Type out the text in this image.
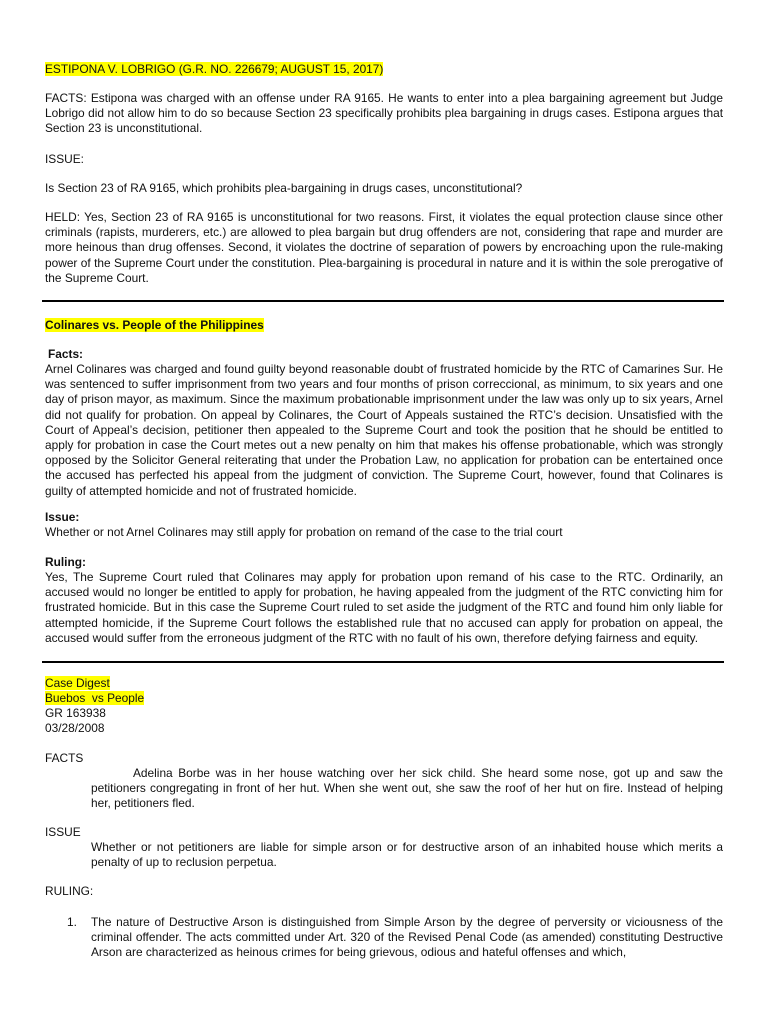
ESTIPONA V. LOBRIGO (G.R. NO. 226679; AUGUST 15, 2017)

FACTS: Estipona was charged with an offense under RA 9165. He wants to enter into a plea bargaining agreement but Judge Lobrigo did not allow him to do so because Section 23 specifically prohibits plea bargaining in drugs cases. Estipona argues that Section 23 is unconstitutional.

ISSUE:

Is Section 23 of RA 9165, which prohibits plea-bargaining in drugs cases, unconstitutional?

HELD: Yes, Section 23 of RA 9165 is unconstitutional for two reasons. First, it violates the equal protection clause since other criminals (rapists, murderers, etc.) are allowed to plea bargain but drug offenders are not, considering that rape and murder are more heinous than drug offenses. Second, it violates the doctrine of separation of powers by encroaching upon the rule-making power of the Supreme Court under the constitution. Plea-bargaining is procedural in nature and it is within the sole prerogative of the Supreme Court.

Colinares vs. People of the Philippines

Facts:

Arnel Colinares was charged and found guilty beyond reasonable doubt of frustrated homicide by the RTC of Camarines Sur. He was sentenced to suffer imprisonment from two years and four months of prison correccional, as minimum, to six years and one day of prison mayor, as maximum. Since the maximum probationable imprisonment under the law was only up to six years, Arnel did not qualify for probation. On appeal by Colinares, the Court of Appeals sustained the RTC’s decision. Unsatisfied with the Court of Appeal’s decision, petitioner then appealed to the Supreme Court and took the position that he should be entitled to apply for probation in case the Court metes out a new penalty on him that makes his offense probationable, which was strongly opposed by the Solicitor General reiterating that under the Probation Law, no application for probation can be entertained once the accused has perfected his appeal from the judgment of conviction. The Supreme Court, however, found that Colinares is guilty of attempted homicide and not of frustrated homicide.

Issue:

Whether or not Arnel Colinares may still apply for probation on remand of the case to the trial court

Ruling:

Yes, The Supreme Court ruled that Colinares may apply for probation upon remand of his case to the RTC. Ordinarily, an accused would no longer be entitled to apply for probation, he having appealed from the judgment of the RTC convicting him for frustrated homicide. But in this case the Supreme Court ruled to set aside the judgment of the RTC and found him only liable for attempted homicide, if the Supreme Court follows the established rule that no accused can apply for probation on appeal, the accused would suffer from the erroneous judgment of the RTC with no fault of his own, therefore defying fairness and equity.

Case Digest

Buebos  vs People

GR 163938

03/28/2008

FACTS

Adelina Borbe was in her house watching over her sick child. She heard some nose, got up and saw the petitioners congregating in front of her hut. When she went out, she saw the roof of her hut on fire. Instead of helping her, petitioners fled.

ISSUE

Whether or not petitioners are liable for simple arson or for destructive arson of an inhabited house which merits a penalty of up to reclusion perpetua.

RULING:

1. The nature of Destructive Arson is distinguished from Simple Arson by the degree of perversity or viciousness of the criminal offender. The acts committed under Art. 320 of the Revised Penal Code (as amended) constituting Destructive Arson are characterized as heinous crimes for being grievous, odious and hateful offenses and which,
